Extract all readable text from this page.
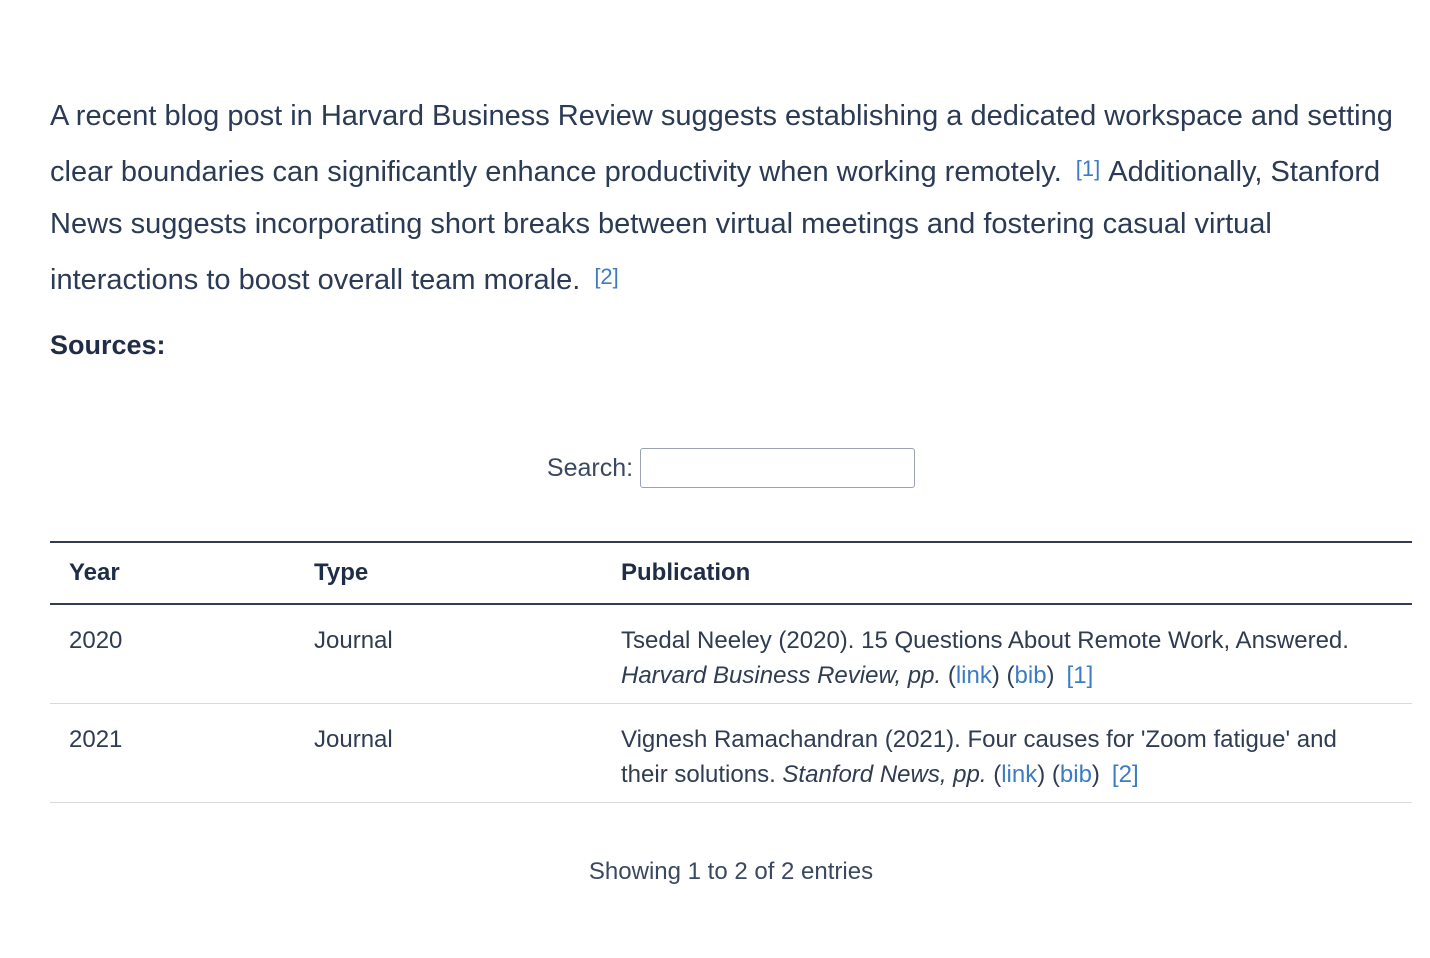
A recent blog post in Harvard Business Review suggests establishing a dedicated workspace and setting clear boundaries can significantly enhance productivity when working remotely. [1] Additionally, Stanford News suggests incorporating short breaks between virtual meetings and fostering casual virtual interactions to boost overall team morale. [2]

Sources:
Search:
Year	Type	Publication
2020	Journal	Tsedal Neeley (2020). 15 Questions About Remote Work, Answered. Harvard Business Review, pp. (link) (bib) [1]
2021	Journal	Vignesh Ramachandran (2021). Four causes for 'Zoom fatigue' and their solutions. Stanford News, pp. (link) (bib) [2]
Showing 1 to 2 of 2 entries
